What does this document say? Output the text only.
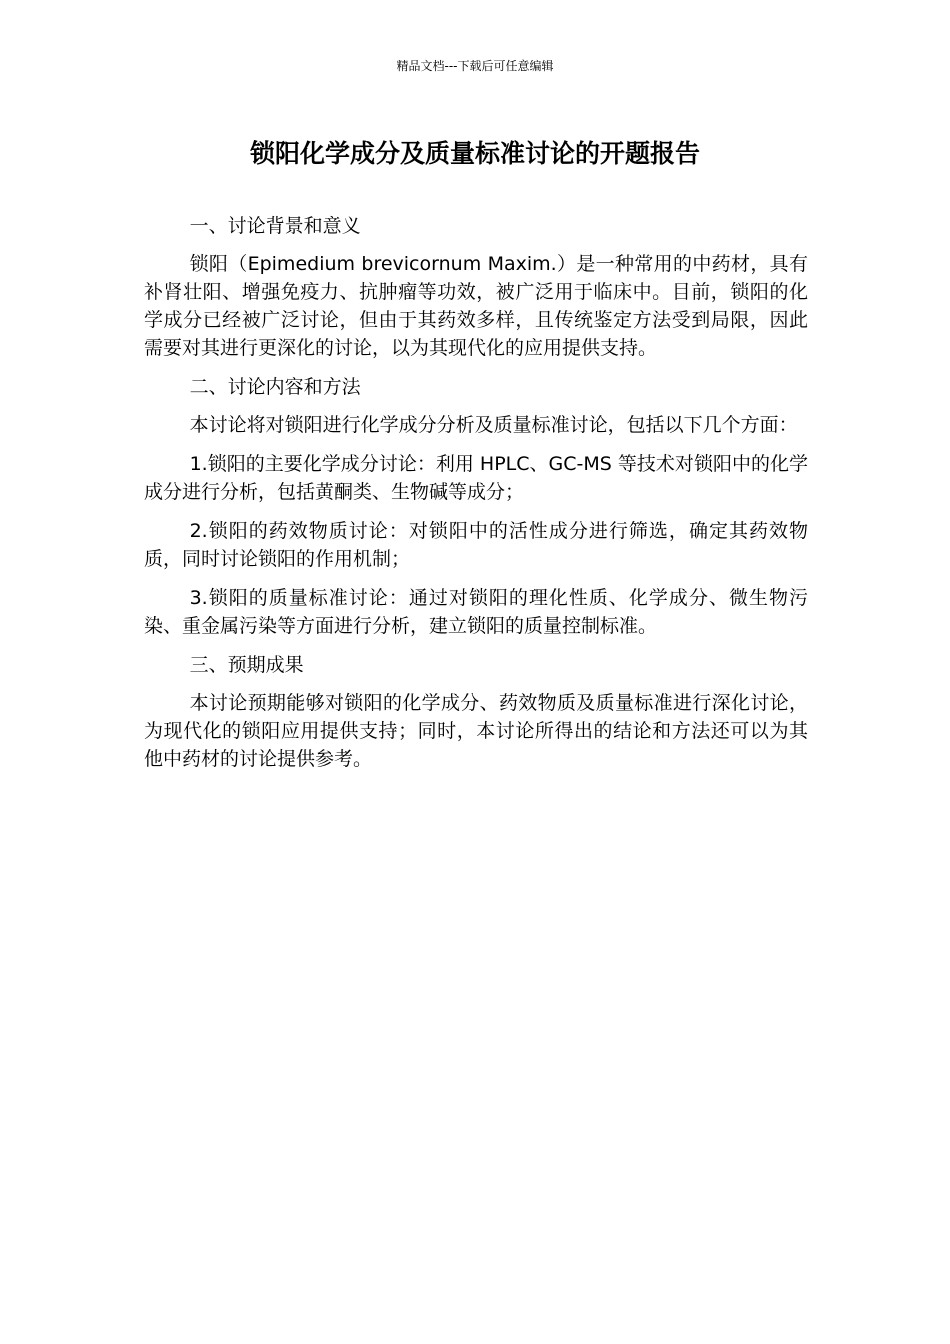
精品文档---下载后可任意编辑
锁阳化学成分及质量标准讨论的开题报告

一、讨论背景和意义

锁阳（Epimedium brevicornum Maxim.）是一种常用的中药材，具有补肾壮阳、增强免疫力、抗肿瘤等功效，被广泛用于临床中。目前，锁阳的化学成分已经被广泛讨论，但由于其药效多样，且传统鉴定方法受到局限，因此需要对其进行更深化的讨论，以为其现代化的应用提供支持。

二、讨论内容和方法

本讨论将对锁阳进行化学成分分析及质量标准讨论，包括以下几个方面：

1.锁阳的主要化学成分讨论：利用 HPLC、GC-MS 等技术对锁阳中的化学成分进行分析，包括黄酮类、生物碱等成分；

2.锁阳的药效物质讨论：对锁阳中的活性成分进行筛选，确定其药效物质，同时讨论锁阳的作用机制；

3.锁阳的质量标准讨论：通过对锁阳的理化性质、化学成分、微生物污染、重金属污染等方面进行分析，建立锁阳的质量控制标准。

三、预期成果

本讨论预期能够对锁阳的化学成分、药效物质及质量标准进行深化讨论，为现代化的锁阳应用提供支持；同时，本讨论所得出的结论和方法还可以为其他中药材的讨论提供参考。
